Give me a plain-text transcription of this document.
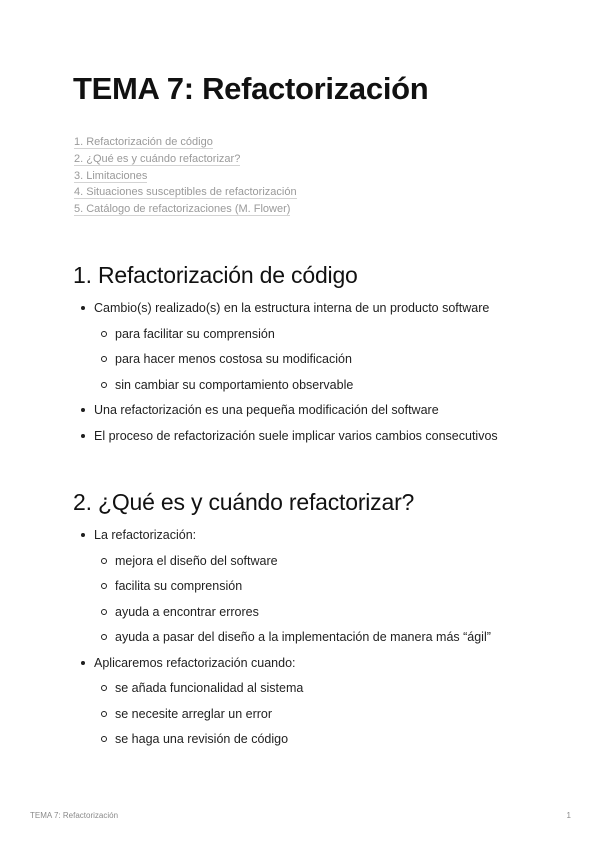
TEMA 7: Refactorización
1. Refactorización de código
2. ¿Qué es y cuándo refactorizar?
3. Limitaciones
4. Situaciones susceptibles de refactorización
5. Catálogo de refactorizaciones (M. Flower)
1. Refactorización de código
Cambio(s) realizado(s) en la estructura interna de un producto software
para facilitar su comprensión
para hacer menos costosa su modificación
sin cambiar su comportamiento observable
Una refactorización es una pequeña modificación del software
El proceso de refactorización suele implicar varios cambios consecutivos
2. ¿Qué es y cuándo refactorizar?
La refactorización:
mejora el diseño del software
facilita su comprensión
ayuda a encontrar errores
ayuda a pasar del diseño a la implementación de manera más “ágil”
Aplicaremos refactorización cuando:
se añada funcionalidad al sistema
se necesite arreglar un error
se haga una revisión de código
TEMA 7: Refactorización	1
